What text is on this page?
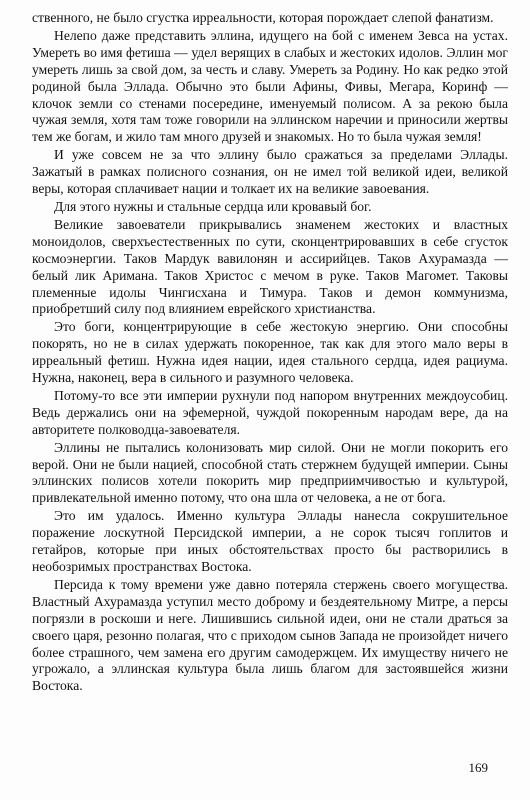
ственного, не было сгустка ирреальности, которая порождает слепой фанатизм.

Нелепо даже представить эллина, идущего на бой с именем Зевса на устах. Умереть во имя фетиша — удел верящих в слабых и жестоких идолов. Эллин мог умереть лишь за свой дом, за честь и славу. Умереть за Родину. Но как редко этой родиной была Эллада. Обычно это были Афины, Фивы, Мегара, Коринф — клочок земли со стенами посередине, именуемый полисом. А за рекою была чужая земля, хотя там тоже говорили на эллинском наречии и приносили жертвы тем же богам, и жило там много друзей и знакомых. Но то была чужая земля!

И уже совсем не за что эллину было сражаться за пределами Эллады. Зажатый в рамках полисного сознания, он не имел той великой идеи, великой веры, которая сплачивает нации и толкает их на великие завоевания.

Для этого нужны и стальные сердца или кровавый бог.

Великие завоеватели прикрывались знаменем жестоких и властных моноидолов, сверхъестественных по сути, сконцентрировавших в себе сгусток космоэнергии. Таков Мардук вавилонян и ассирийцев. Таков Ахурамазда — белый лик Аримана. Таков Христос с мечом в руке. Таков Магомет. Таковы племенные идолы Чингисхана и Тимура. Таков и демон коммунизма, приобретший силу под влиянием еврейского христианства.

Это боги, концентрирующие в себе жестокую энергию. Они способны покорять, но не в силах удержать покоренное, так как для этого мало веры в ирреальный фетиш. Нужна идея нации, идея стального сердца, идея рациума. Нужна, наконец, вера в сильного и разумного человека.

Потому-то все эти империи рухнули под напором внутренних междоусобиц. Ведь держались они на эфемерной, чуждой покоренным народам вере, да на авторитете полководца-завоевателя.

Эллины не пытались колонизовать мир силой. Они не могли покорить его верой. Они не были нацией, способной стать стержнем будущей империи. Сыны эллинских полисов хотели покорить мир предприимчивостью и культурой, привлекательной именно потому, что она шла от человека, а не от бога.

Это им удалось. Именно культура Эллады нанесла сокрушительное поражение лоскутной Персидской империи, а не сорок тысяч гоплитов и гетайров, которые при иных обстоятельствах просто бы растворились в необозримых пространствах Востока.

Персида к тому времени уже давно потеряла стержень своего могущества. Властный Ахурамазда уступил место доброму и бездеятельному Митре, а персы погрязли в роскоши и неге. Лишившись сильной идеи, они не стали драться за своего царя, резонно полагая, что с приходом сынов Запада не произойдет ничего более страшного, чем замена его другим самодержцем. Их имуществу ничего не угрожало, а эллинская культура была лишь благом для застоявшейся жизни Востока.

169
